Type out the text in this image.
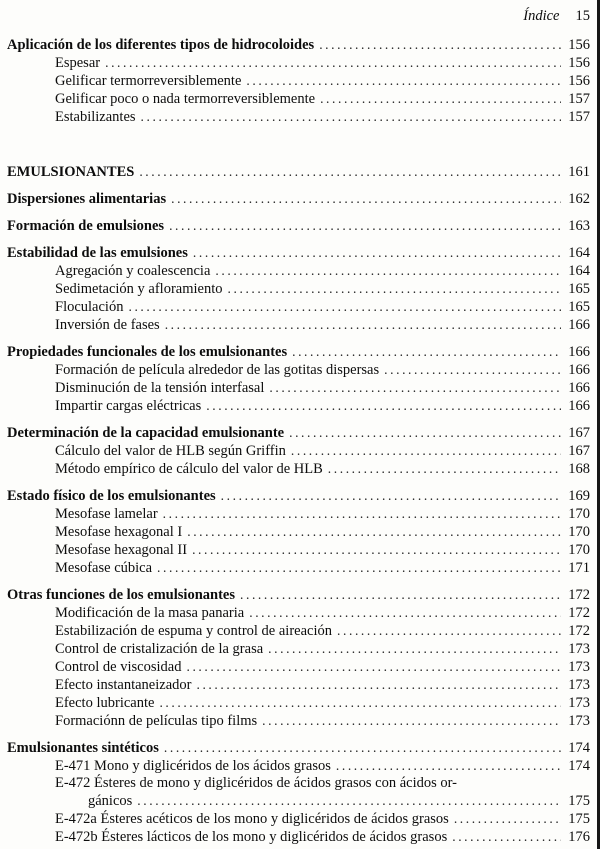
Índice 15
Aplicación de los diferentes tipos de hidrocoloides .....	156
Espesar .....	156
Gelificar termorreversiblemente .....	156
Gelificar poco o nada termorreversiblemente .....	157
Estabilizantes .....	157
EMULSIONANTES .....	161
Dispersiones alimentarias .....	162
Formación de emulsiones .....	163
Estabilidad de las emulsiones .....	164
Agregación y coalescencia .....	164
Sedimetación y afloramiento .....	165
Floculación .....	165
Inversión de fases .....	166
Propiedades funcionales de los emulsionantes .....	166
Formación de película alrededor de las gotitas dispersas .....	166
Disminución de la tensión interfasal .....	166
Impartir cargas eléctricas .....	166
Determinación de la capacidad emulsionante .....	167
Cálculo del valor de HLB según Griffin .....	167
Método empírico de cálculo del valor de HLB .....	168
Estado físico de los emulsionantes .....	169
Mesofase lamelar .....	170
Mesofase hexagonal I .....	170
Mesofase hexagonal II .....	170
Mesofase cúbica .....	171
Otras funciones de los emulsionantes .....	172
Modificación de la masa panaria .....	172
Estabilización de espuma y control de aireación .....	172
Control de cristalización de la grasa .....	173
Control de viscosidad .....	173
Efecto instantaneizador .....	173
Efecto lubricante .....	173
Formaciónn de películas tipo films .....	173
Emulsionantes sintéticos .....	174
E-471 Mono y diglicéridos de los ácidos grasos .....	174
E-472 Ésteres de mono y diglicéridos de ácidos grasos con ácidos or-
gánicos .....	175
E-472a Ésteres acéticos de los mono y diglicéridos de ácidos grasos .....	175
E-472b Ésteres lácticos de los mono y diglicéridos de ácidos grasos .....	176
